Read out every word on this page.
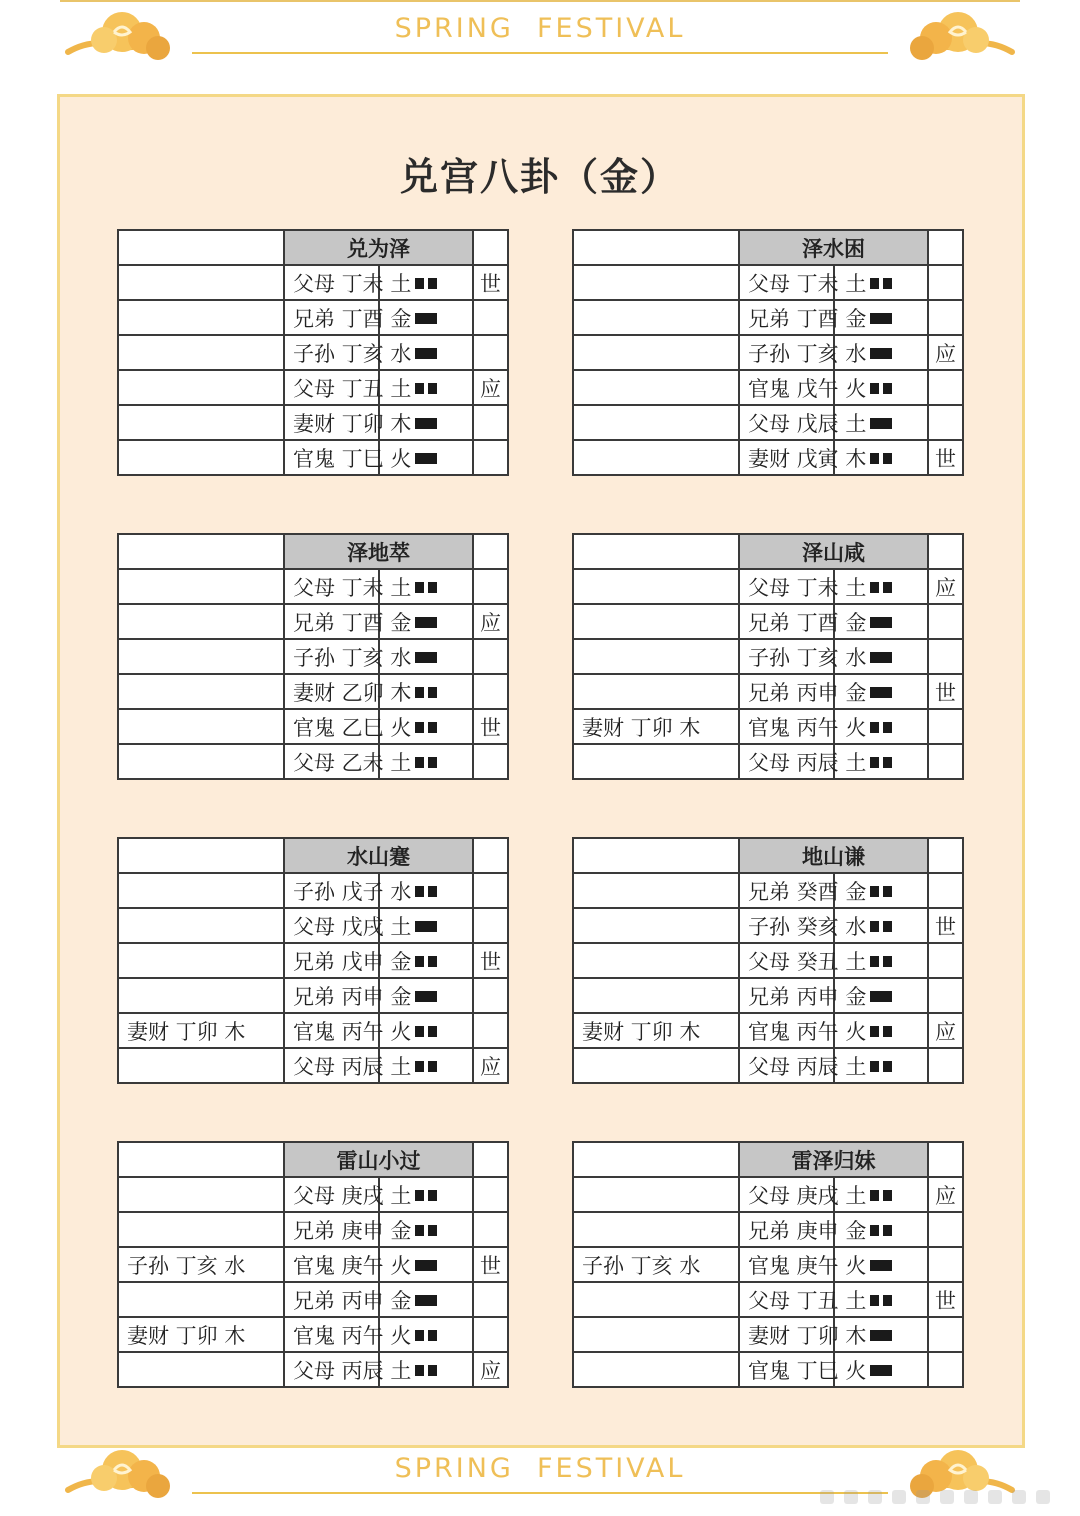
SPRING  FESTIVAL
兑宫八卦（金）
	兑为泽		
	父母 丁未 土		世
	兄弟 丁酉 金		
	子孙 丁亥 水		
	父母 丁丑 土		应
	妻财 丁卯 木		
	官鬼 丁巳 火		
	泽水困		
	父母 丁未 土		
	兄弟 丁酉 金		
	子孙 丁亥 水		应
	官鬼 戊午 火		
	父母 戊辰 土		
	妻财 戊寅 木		世
	泽地萃		
	父母 丁未 土		
	兄弟 丁酉 金		应
	子孙 丁亥 水		
	妻财 乙卯 木		
	官鬼 乙巳 火		世
	父母 乙未 土		
	泽山咸		
	父母 丁未 土		应
	兄弟 丁酉 金		
	子孙 丁亥 水		
	兄弟 丙申 金		世
妻财 丁卯 木	官鬼 丙午 火		
	父母 丙辰 土		
	水山蹇		
	子孙 戊子 水		
	父母 戊戌 土		
	兄弟 戊申 金		世
	兄弟 丙申 金		
妻财 丁卯 木	官鬼 丙午 火		
	父母 丙辰 土		应
	地山谦		
	兄弟 癸酉 金		
	子孙 癸亥 水		世
	父母 癸丑 土		
	兄弟 丙申 金		
妻财 丁卯 木	官鬼 丙午 火		应
	父母 丙辰 土		
	雷山小过		
	父母 庚戌 土		
	兄弟 庚申 金		
子孙 丁亥 水	官鬼 庚午 火		世
	兄弟 丙申 金		
妻财 丁卯 木	官鬼 丙午 火		
	父母 丙辰 土		应
	雷泽归妹		
	父母 庚戌 土		应
	兄弟 庚申 金		
子孙 丁亥 水	官鬼 庚午 火		
	父母 丁丑 土		世
	妻财 丁卯 木		
	官鬼 丁巳 火		
SPRING  FESTIVAL
